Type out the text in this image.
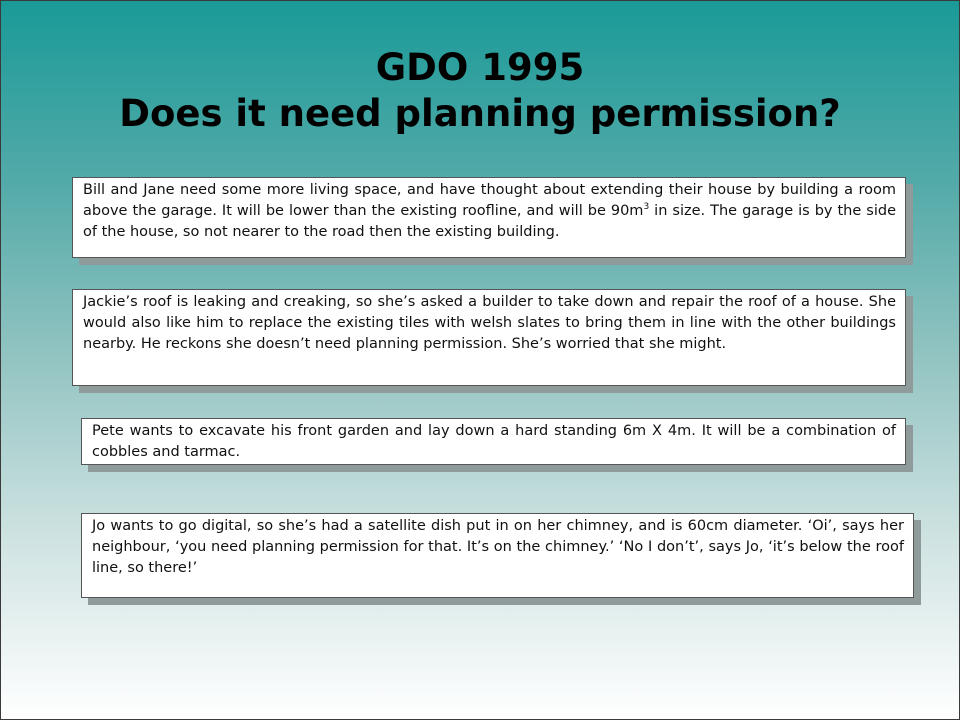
GDO 1995
Does it need planning permission?
Bill and Jane need some more living space, and have thought about extending their house by building a room above the garage. It will be lower than the existing roofline, and will be $90m^3$ in size. The garage is by the side of the house, so not nearer to the road then the existing building.
Jackie’s roof is leaking and creaking, so she’s asked a builder to take down and repair the roof of a house. She would also like him to replace the existing tiles with welsh slates to bring them in line with the other buildings nearby. He reckons she doesn’t need planning permission. She’s worried that she might.
Pete wants to excavate his front garden and lay down a hard standing 6m X 4m. It will be a combination of cobbles and tarmac.
Jo wants to go digital, so she’s had a satellite dish put in on her chimney, and is 60cm diameter. ‘Oi’, says her neighbour, ‘you need planning permission for that. It’s on the chimney.’ ‘No I don’t’, says Jo, ‘it’s below the roof line, so there!’
